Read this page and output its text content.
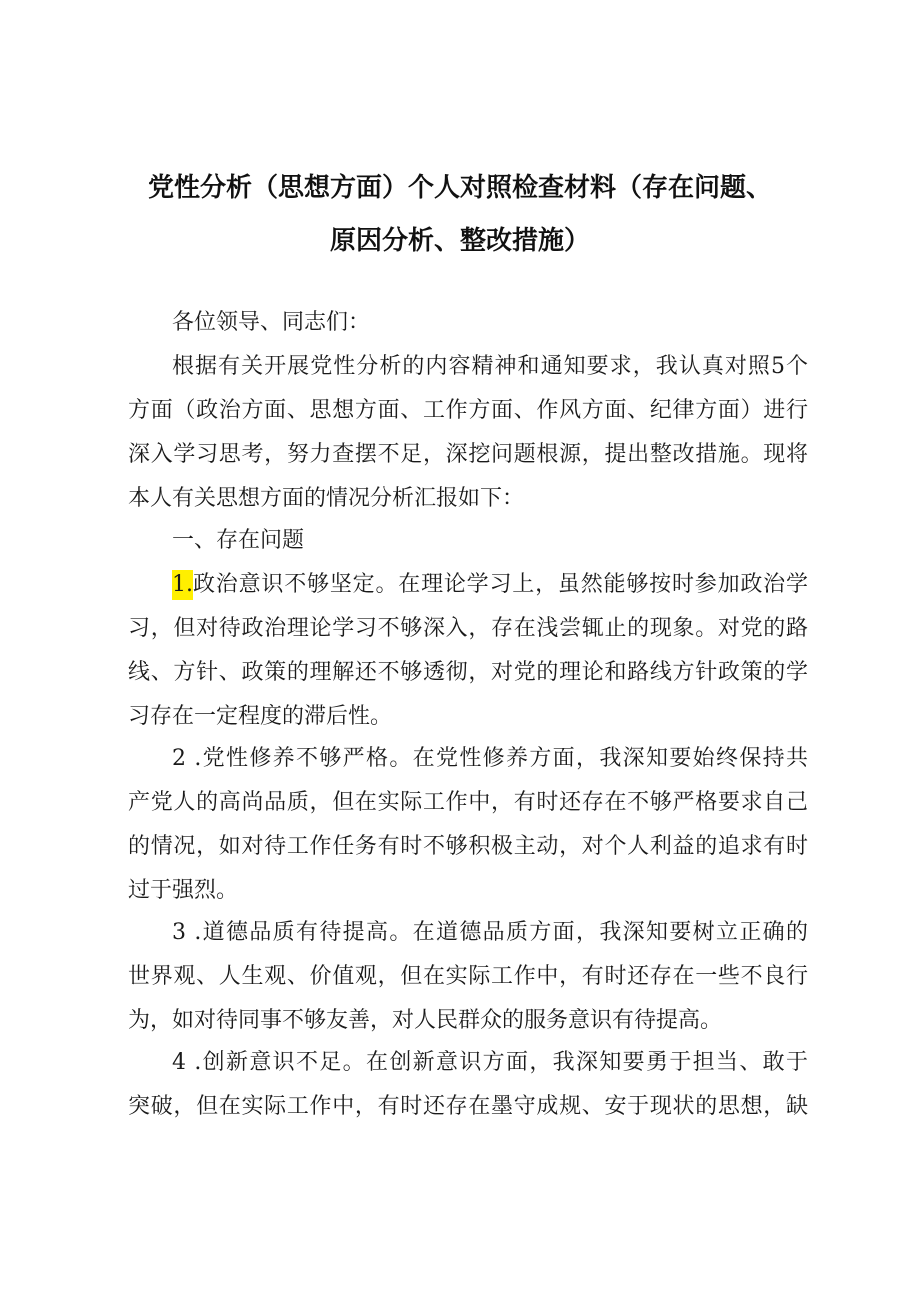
党性分析（思想方面）个人对照检查材料（存在问题、
原因分析、整改措施）
各位领导、同志们：
根据有关开展党性分析的内容精神和通知要求，我认真对照5个
方面（政治方面、思想方面、工作方面、作风方面、纪律方面）进行
深入学习思考，努力查摆不足，深挖问题根源，提出整改措施。现将
本人有关思想方面的情况分析汇报如下：
一、存在问题
1. 政治意识不够坚定。在理论学习上，虽然能够按时参加政治学
习，但对待政治理论学习不够深入，存在浅尝辄止的现象。对党的路
线、方针、政策的理解还不够透彻，对党的理论和路线方针政策的学
习存在一定程度的滞后性。
2 .党性修养不够严格。在党性修养方面，我深知要始终保持共
产党人的高尚品质，但在实际工作中，有时还存在不够严格要求自己
的情况，如对待工作任务有时不够积极主动，对个人利益的追求有时
过于强烈。
3 .道德品质有待提高。在道德品质方面，我深知要树立正确的
世界观、人生观、价值观，但在实际工作中，有时还存在一些不良行
为，如对待同事不够友善，对人民群众的服务意识有待提高。
4 .创新意识不足。在创新意识方面，我深知要勇于担当、敢于
突破，但在实际工作中，有时还存在墨守成规、安于现状的思想，缺
